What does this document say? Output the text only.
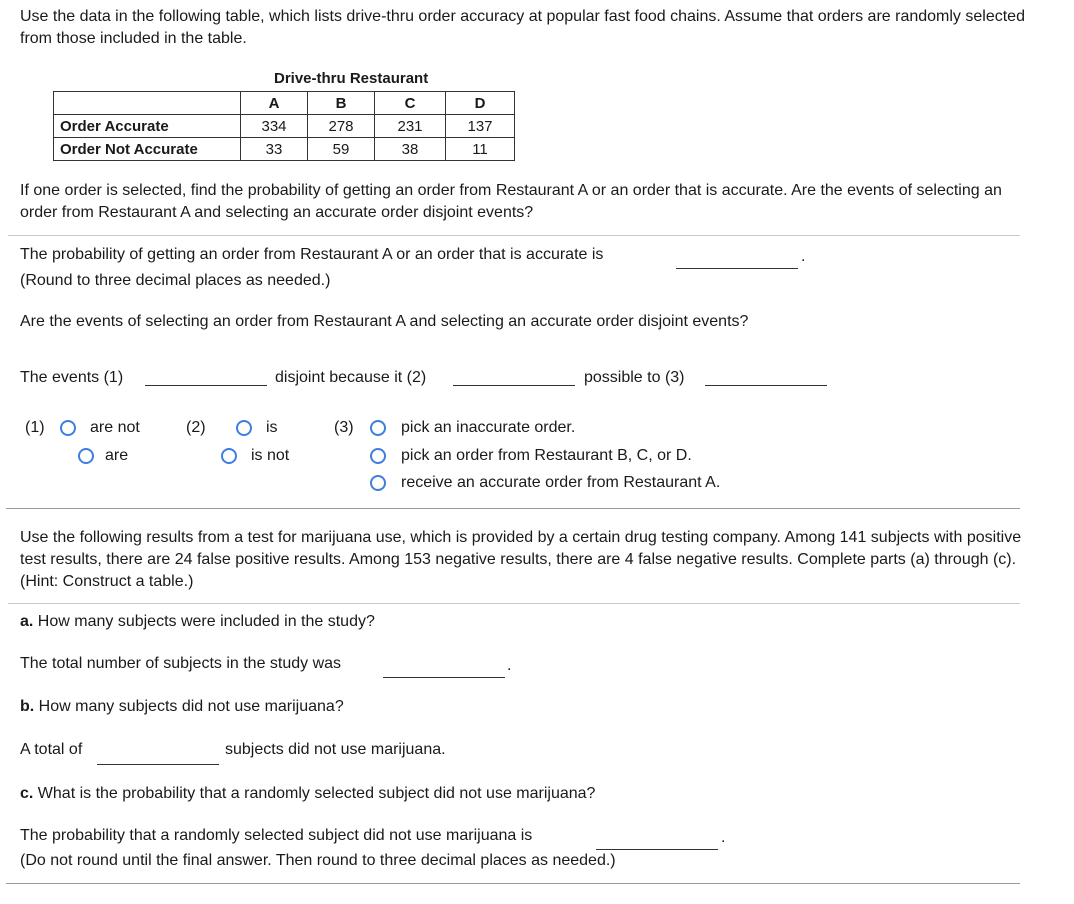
Use the data in the following table, which lists drive-thru order accuracy at popular fast food chains. Assume that orders are randomly selected from those included in the table.
Drive-thru Restaurant
	A	B	C	D
Order Accurate	334	278	231	137
Order Not Accurate	33	59	38	11
If one order is selected, find the probability of getting an order from Restaurant A or an order that is accurate. Are the events of selecting an order from Restaurant A and selecting an accurate order disjoint events?
The probability of getting an order from Restaurant A or an order that is accurate is	.
(Round to three decimal places as needed.)
Are the events of selecting an order from Restaurant A and selecting an accurate order disjoint events?
The events (1)	disjoint because it (2)	possible to (3)
(1)	are not
are
(2)	is
is not
(3)	pick an inaccurate order.
pick an order from Restaurant B, C, or D.
receive an accurate order from Restaurant A.
Use the following results from a test for marijuana use, which is provided by a certain drug testing company. Among 141 subjects with positive test results, there are 24 false positive results. Among 153 negative results, there are 4 false negative results. Complete parts (a) through (c). (Hint: Construct a table.)
a. How many subjects were included in the study?
The total number of subjects in the study was	.
b. How many subjects did not use marijuana?
A total of	subjects did not use marijuana.
c. What is the probability that a randomly selected subject did not use marijuana?
The probability that a randomly selected subject did not use marijuana is	.
(Do not round until the final answer. Then round to three decimal places as needed.)
